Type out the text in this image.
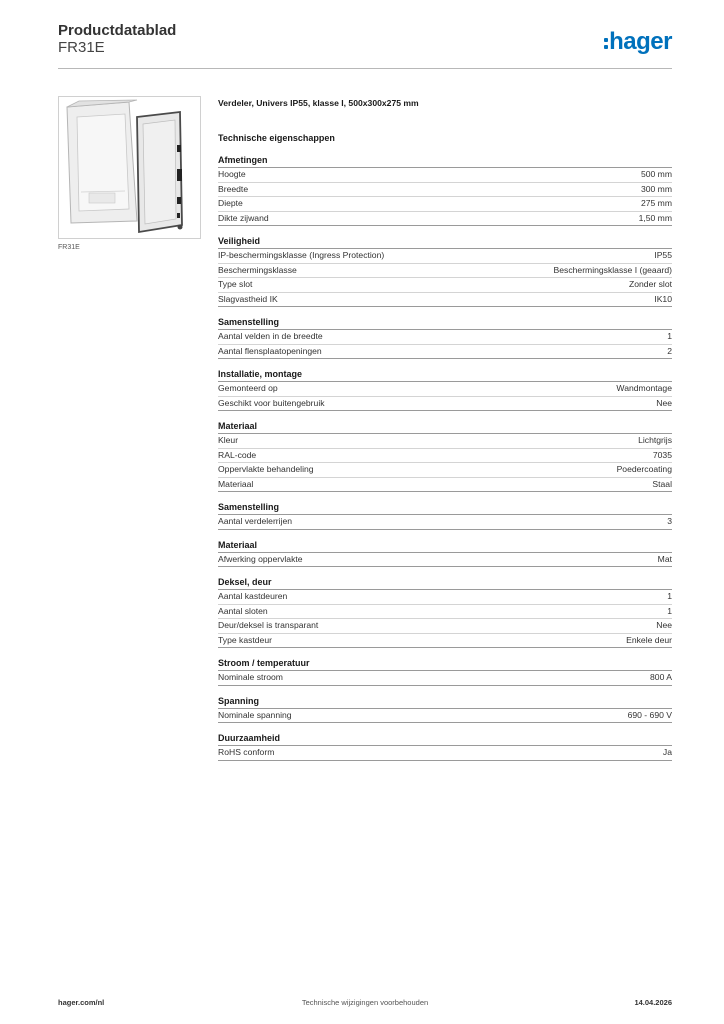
Productdatablad
FR31E	hager
FR31E
Verdeler, Univers IP55, klasse I, 500x300x275 mm
Technische eigenschappen
Afmetingen
Hoogte	500 mm
Breedte	300 mm
Diepte	275 mm
Dikte zijwand	1,50 mm
Veiligheid
IP-beschermingsklasse (Ingress Protection)	IP55
Beschermingsklasse	Beschermingsklasse I (geaard)
Type slot	Zonder slot
Slagvastheid IK	IK10
Samenstelling
Aantal velden in de breedte	1
Aantal flensplaatopeningen	2
Installatie, montage
Gemonteerd op	Wandmontage
Geschikt voor buitengebruik	Nee
Materiaal
Kleur	Lichtgrijs
RAL-code	7035
Oppervlakte behandeling	Poedercoating
Materiaal	Staal
Samenstelling
Aantal verdelerrijen	3
Materiaal
Afwerking oppervlakte	Mat
Deksel, deur
Aantal kastdeuren	1
Aantal sloten	1
Deur/deksel is transparant	Nee
Type kastdeur	Enkele deur
Stroom / temperatuur
Nominale stroom	800 A
Spanning
Nominale spanning	690 - 690 V
Duurzaamheid
RoHS conform	Ja
hager.com/nl	Technische wijzigingen voorbehouden	14.04.2026
